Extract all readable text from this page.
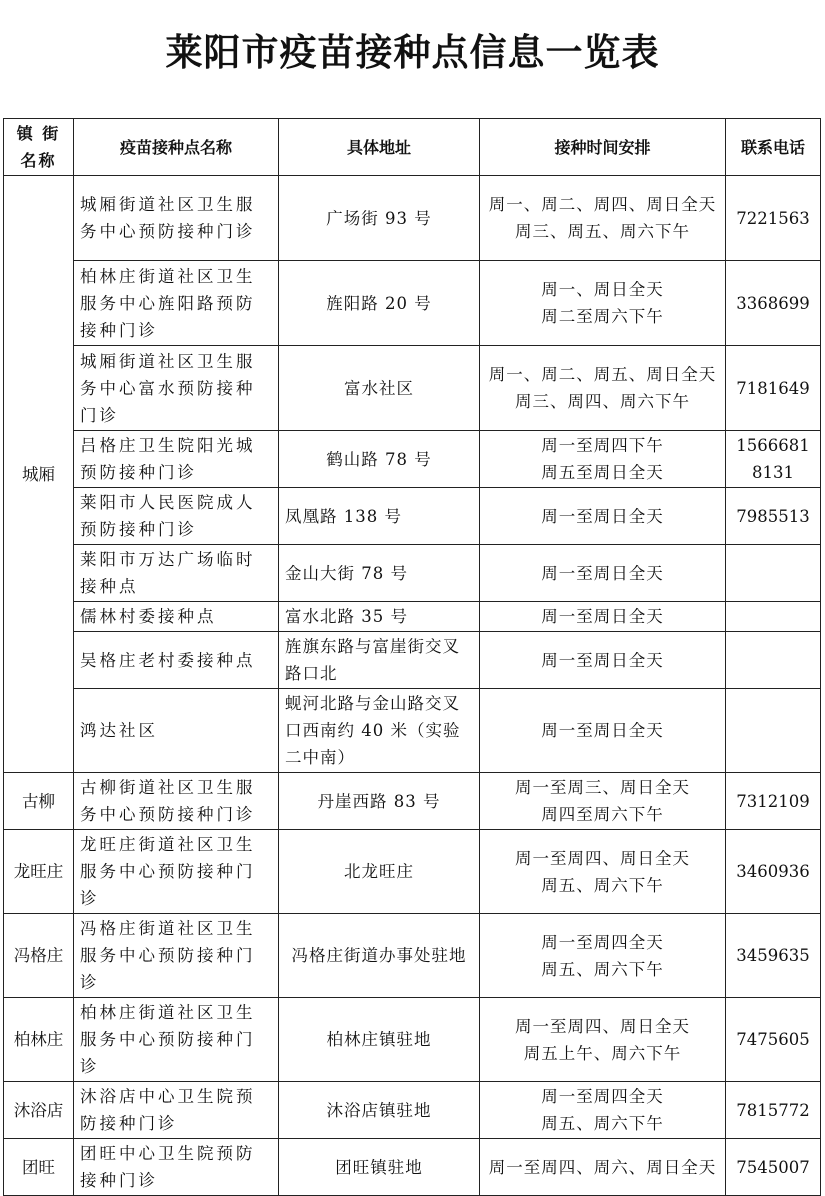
莱阳市疫苗接种点信息一览表
镇 街 名称	疫苗接种点名称	具体地址	接种时间安排	联系电话
城厢	城厢街道社区卫生服务中心预防接种门诊	广场街 93 号	周一、周二、周四、周日全天
周三、周五、周六下午	7221563
	柏林庄街道社区卫生服务中心旌阳路预防接种门诊	旌阳路 20 号	周一、周日全天
周二至周六下午	3368699
	城厢街道社区卫生服务中心富水预防接种门诊	富水社区	周一、周二、周五、周日全天
周三、周四、周六下午	7181649
	吕格庄卫生院阳光城预防接种门诊	鹤山路 78 号	周一至周四下午
周五至周日全天	15666818131
	莱阳市人民医院成人预防接种门诊	凤凰路 138 号	周一至周日全天	7985513
	莱阳市万达广场临时接种点	金山大街 78 号	周一至周日全天	

	儒林村委接种点	富水北路 35 号	周一至周日全天	

	吴格庄老村委接种点	旌旗东路与富崖街交叉路口北	周一至周日全天	

	鸿达社区	蚬河北路与金山路交叉口西南约 40 米（实验二中南）	周一至周日全天	

古柳	古柳街道社区卫生服务中心预防接种门诊	丹崖西路 83 号	周一至周三、周日全天
周四至周六下午	7312109
龙旺庄	龙旺庄街道社区卫生服务中心预防接种门诊	北龙旺庄	周一至周四、周日全天
周五、周六下午	3460936
冯格庄	冯格庄街道社区卫生服务中心预防接种门诊	冯格庄街道办事处驻地	周一至周四全天
周五、周六下午	3459635
柏林庄	柏林庄街道社区卫生服务中心预防接种门诊	柏林庄镇驻地	周一至周四、周日全天
周五上午、周六下午	7475605
沐浴店	沐浴店中心卫生院预防接种门诊	沐浴店镇驻地	周一至周四全天
周五、周六下午	7815772
团旺	团旺中心卫生院预防接种门诊	团旺镇驻地	周一至周四、周六、周日全天	7545007
